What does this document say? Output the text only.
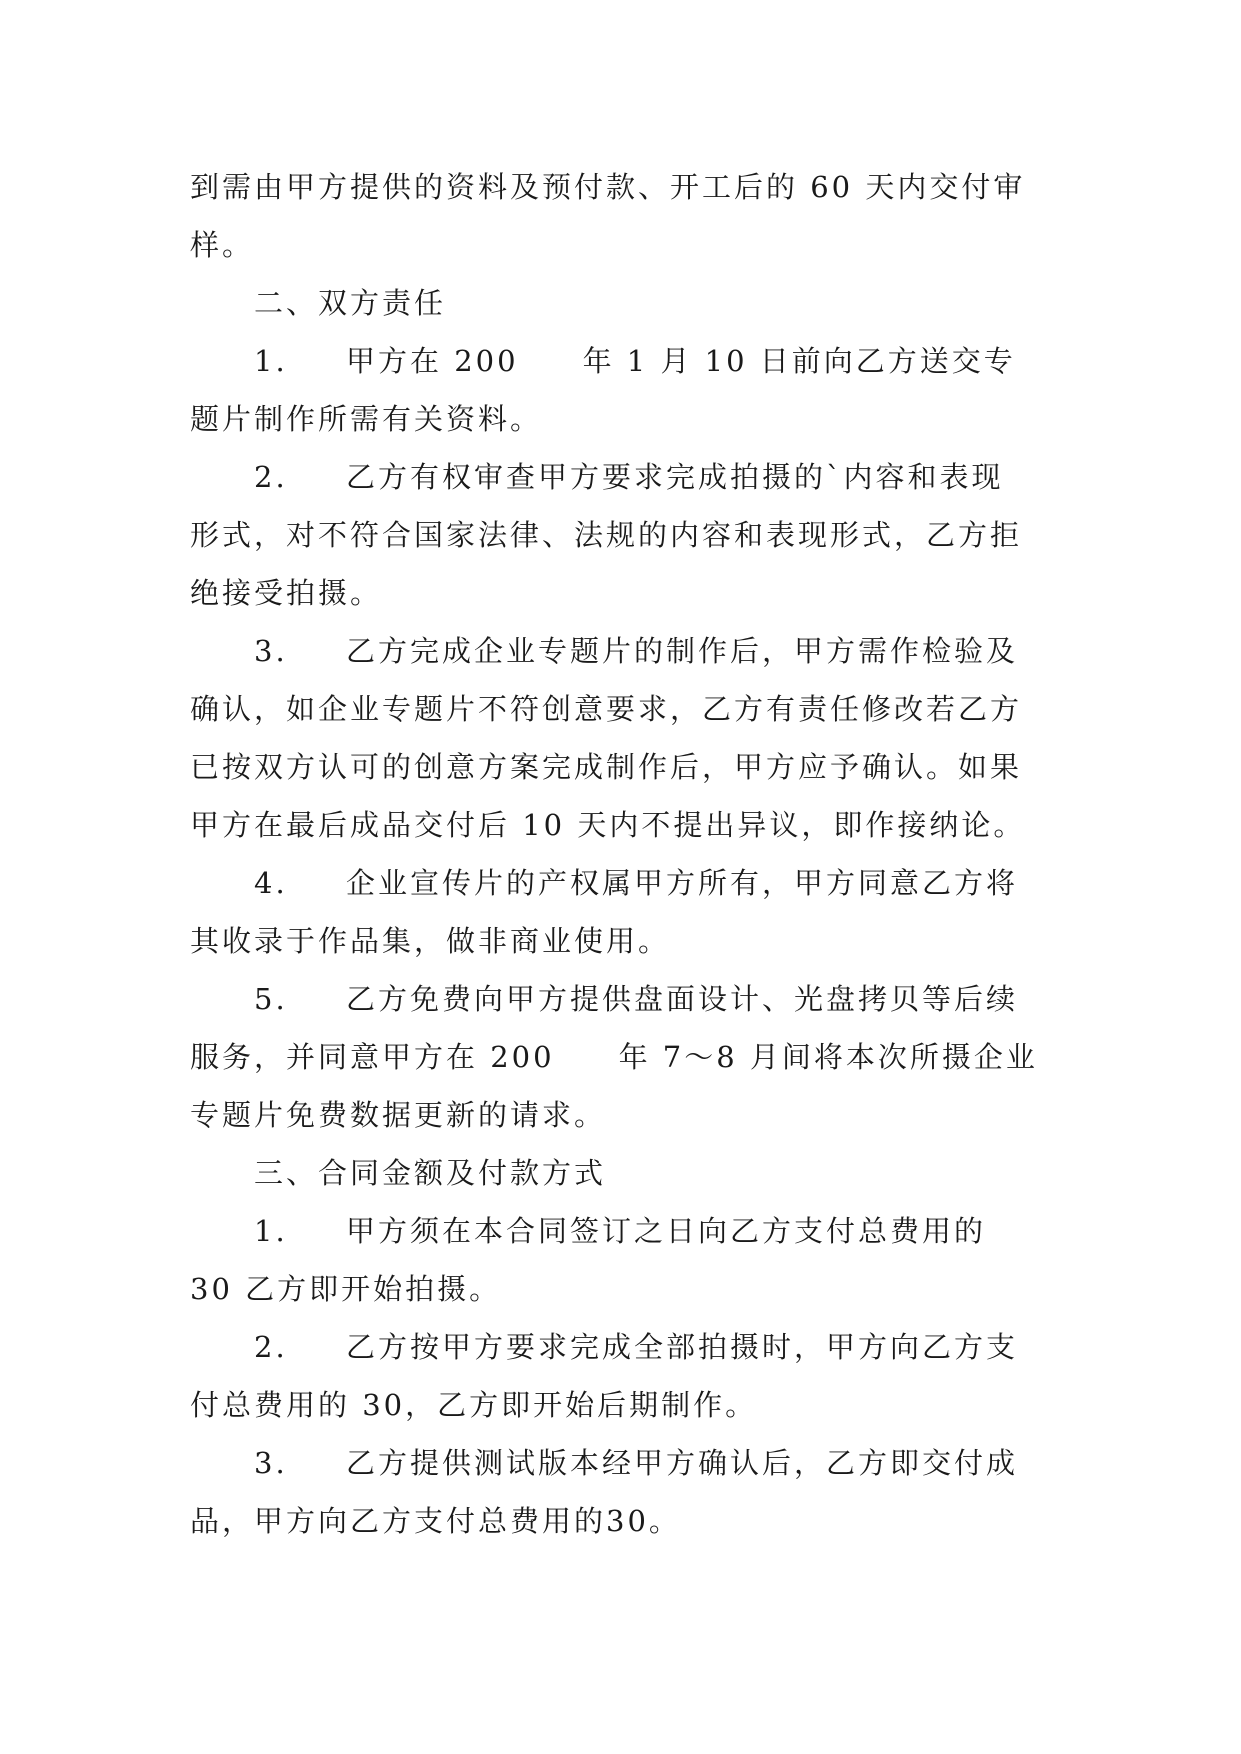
到需由甲方提供的资料及预付款、开工后的 60 天内交付审
样。
二、双方责任
1. 甲方在 200　　年 1 月 10 日前向乙方送交专
题片制作所需有关资料。
2. 乙方有权审查甲方要求完成拍摄的`内容和表现
形式，对不符合国家法律、法规的内容和表现形式，乙方拒
绝接受拍摄。
3. 乙方完成企业专题片的制作后，甲方需作检验及
确认，如企业专题片不符创意要求，乙方有责任修改若乙方
已按双方认可的创意方案完成制作后，甲方应予确认。如果
甲方在最后成品交付后 10 天内不提出异议，即作接纳论。
4. 企业宣传片的产权属甲方所有，甲方同意乙方将
其收录于作品集，做非商业使用。
5. 乙方免费向甲方提供盘面设计、光盘拷贝等后续
服务，并同意甲方在 200　　年 7～8 月间将本次所摄企业
专题片免费数据更新的请求。
三、合同金额及付款方式
1. 甲方须在本合同签订之日向乙方支付总费用的
30 乙方即开始拍摄。
2. 乙方按甲方要求完成全部拍摄时，甲方向乙方支
付总费用的 30，乙方即开始后期制作。
3. 乙方提供测试版本经甲方确认后，乙方即交付成
品，甲方向乙方支付总费用的30。
